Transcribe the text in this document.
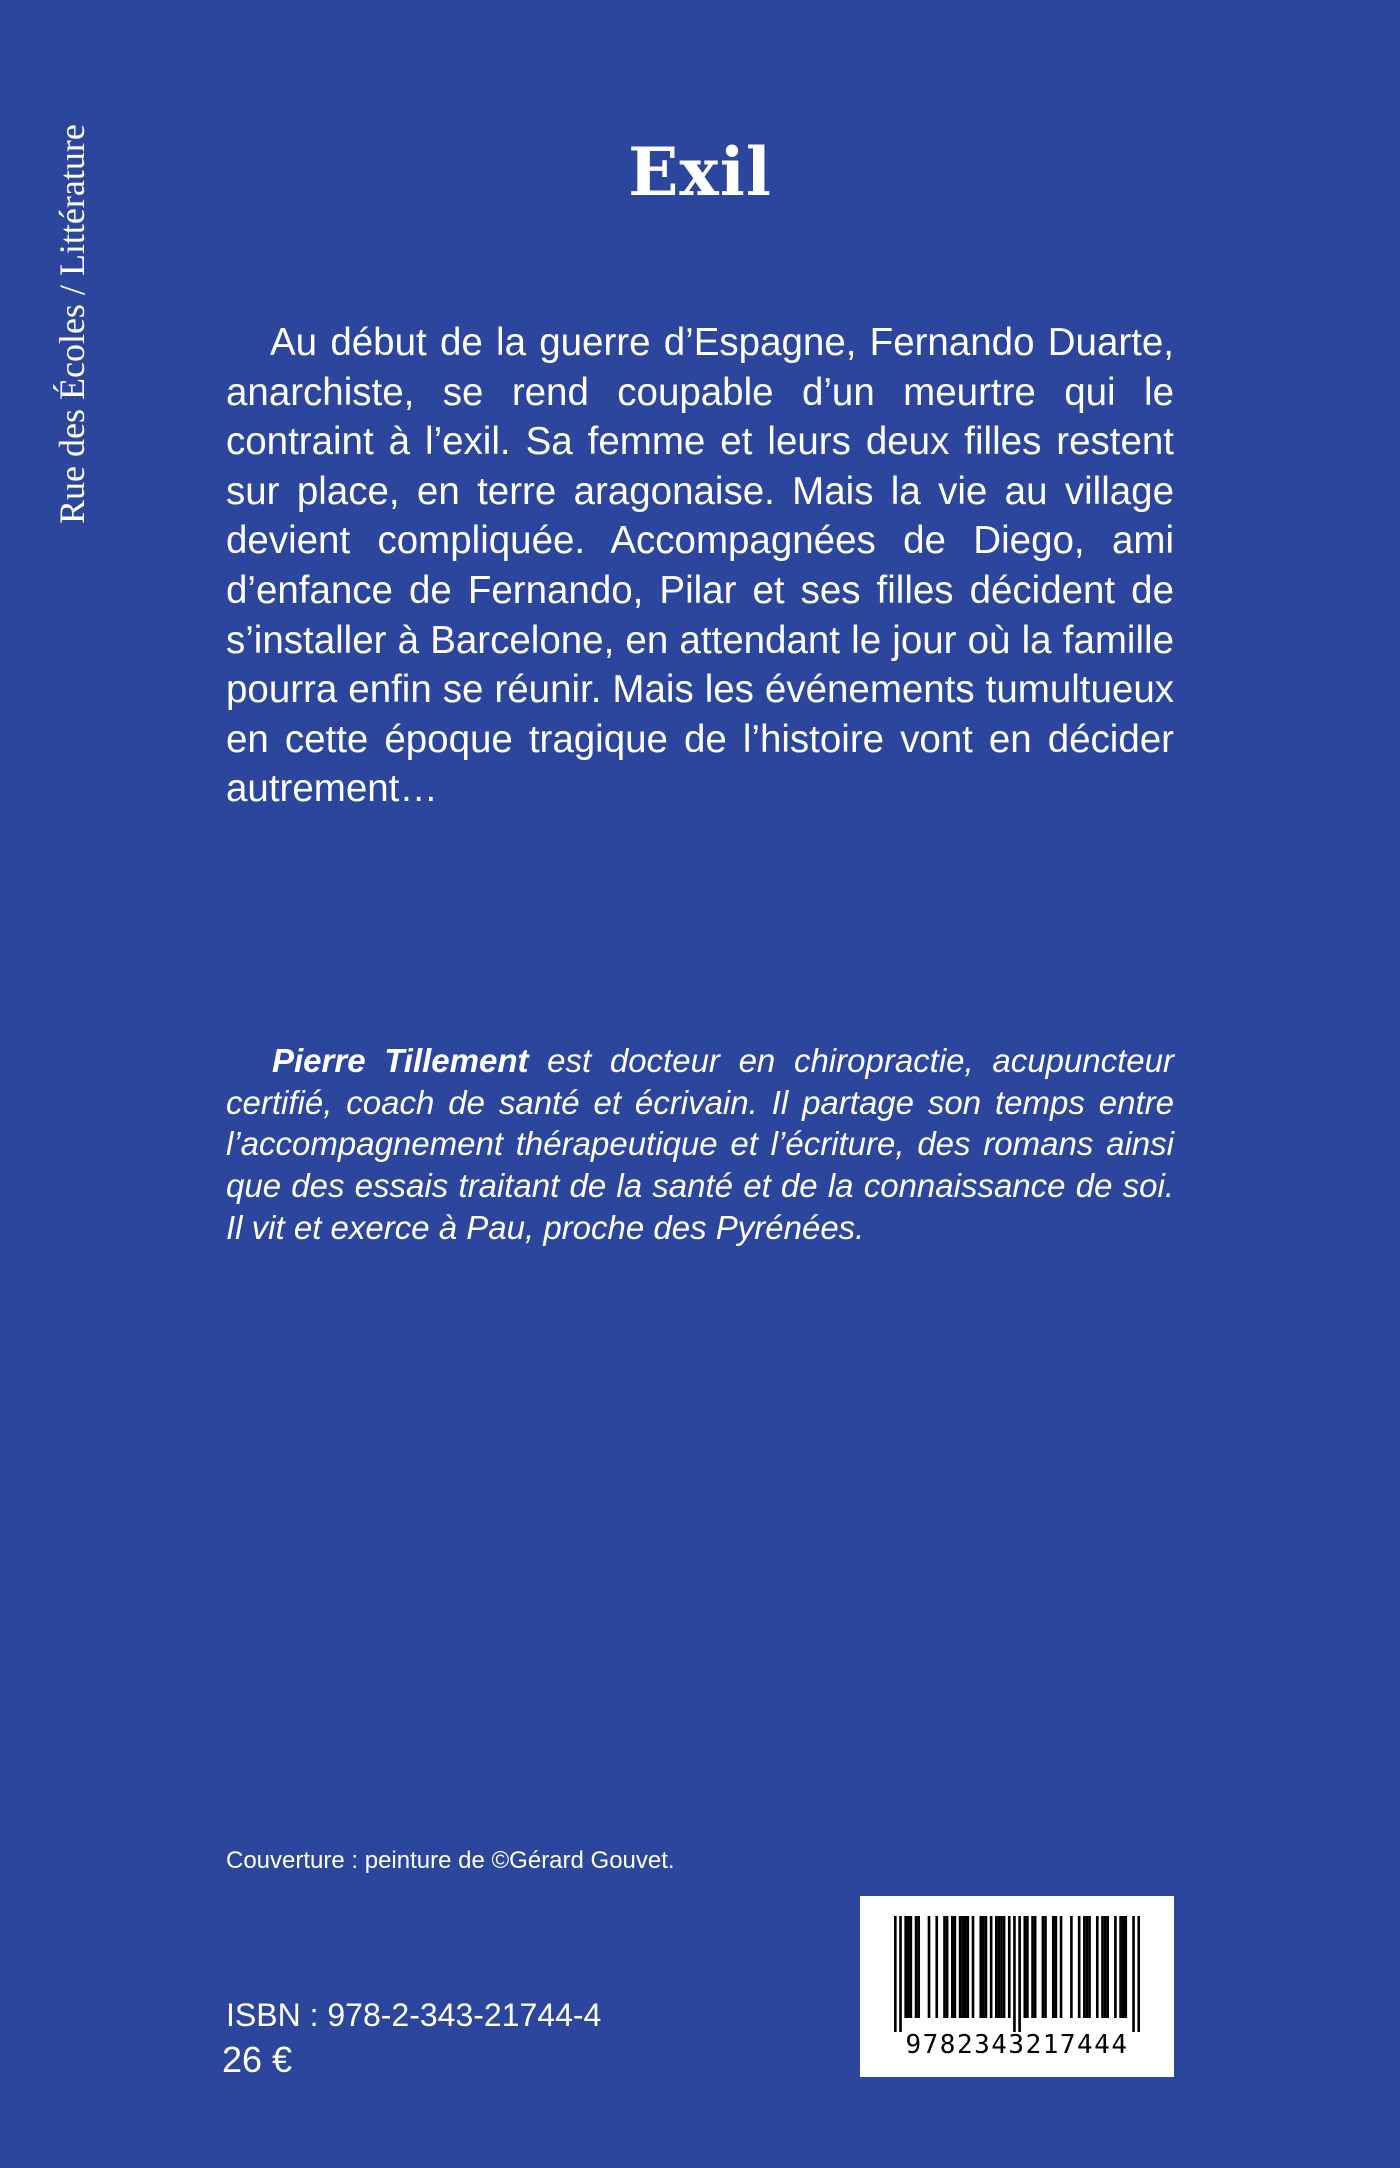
Rue des Écoles / Littérature	Exil

Au début de la guerre d’Espagne, Fernando Duarte, anarchiste, se rend coupable d’un meurtre qui le contraint à l’exil. Sa femme et leurs deux filles restent sur place, en terre aragonaise. Mais la vie au village devient compliquée. Accompagnées de Diego, ami d’enfance de Fernando, Pilar et ses filles décident de s’installer à Barcelone, en attendant le jour où la famille pourra enfin se réunir. Mais les événements tumultueux en cette époque tragique de l’histoire vont en décider autrement…

Pierre Tillement est docteur en chiropractie, acupuncteur certifié, coach de santé et écrivain. Il partage son temps entre l’accompagnement thérapeutique et l’écriture, des romans ainsi que des essais traitant de la santé et de la connaissance de soi. Il vit et exerce à Pau, proche des Pyrénées.

Couverture : peinture de ©Gérard Gouvet.

ISBN : 978-2-343-21744-4

26 €	9782343217444
